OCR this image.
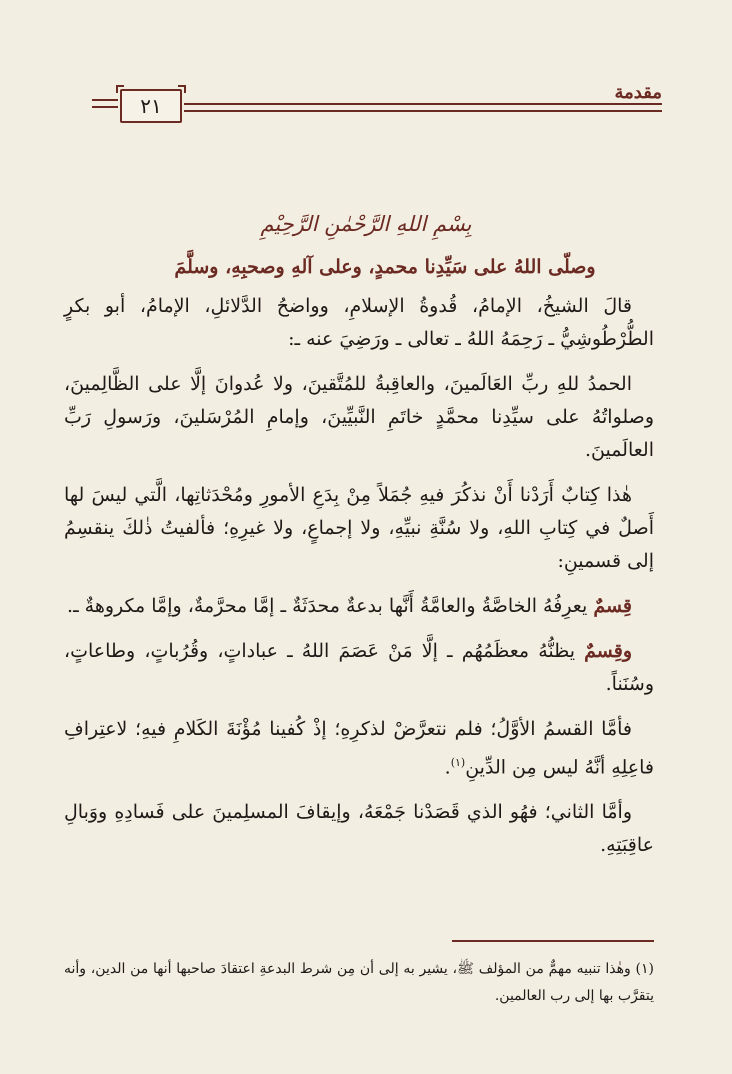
٢١
مقدمة
بِسْمِ اللهِ الرَّحْمٰنِ الرَّحِيْمِ
وصلّى اللهُ على سَيِّدِنا محمدٍ، وعلى آلهِ وصحبِهِ، وسلَّمَ

قالَ الشيخُ، الإمامُ، قُدوةُ الإسلامِ، وواضحُ الدَّلائلِ، الإمامُ، أبو بكرٍ الطُّرْطُوشِيُّ ـ رَحِمَهُ اللهُ ـ تعالى ـ ورَضِيَ عنه ـ:

الحمدُ للهِ ربِّ العَالَمينَ، والعاقِبةُ للمُتَّقينَ، ولا عُدوانَ إلَّا على الظَّالِمينَ، وصلواتُهُ على سيِّدِنا محمَّدٍ خاتَمِ النَّبيِّينَ، وإمامِ المُرْسَلينَ، ورَسولِ رَبِّ العالَمينَ.

هٰذا كِتابٌ أَرَدْنا أَنْ نذكُرَ فيهِ جُمَلاً مِنْ بِدَعِ الأمورِ ومُحْدَثاتِها، الَّتي ليسَ لها أَصلٌ في كِتابِ اللهِ، ولا سُنَّةِ نبيِّهِ، ولا إجماعٍ، ولا غيرِهِ؛ فألفيتُ ذٰلكَ ينقسِمُ إلى قسمينِ:

قِسمٌ يعرِفُهُ الخاصَّةُ والعامَّةُ أَنَّها بدعةٌ محدَثَةٌ ـ إمَّا محرَّمةٌ، وإمَّا مكروهةٌ ـ.

وقِسمٌ يظنُّهُ معظَمُهُم ـ إلَّا مَنْ عَصَمَ اللهُ ـ عباداتٍ، وقُرُباتٍ، وطاعاتٍ، وسُنَناً.

فأمَّا القسمُ الأوَّلُ؛ فلم نتعرَّضْ لذكرِهِ؛ إذْ كُفينا مُؤْنَةَ الكَلامِ فيهِ؛ لاعتِرافِ فاعِلِهِ أنَّهُ ليس مِن الدِّينِ$^{(١)}$.

وأمَّا الثاني؛ فهُو الذي قَصَدْنا جَمْعَهُ، وإيقافَ المسلِمينَ على فَسادِهِ ووَبالِ عاقِبَتِهِ.

(١) وهٰذا تنبيه مهمٌّ من المؤلف ﷺ، يشير به إلى أن مِن شرط البدعةِ اعتقادَ صاحبها أنها من الدين، وأنه يتقرَّب بها إلى رب العالمين.
